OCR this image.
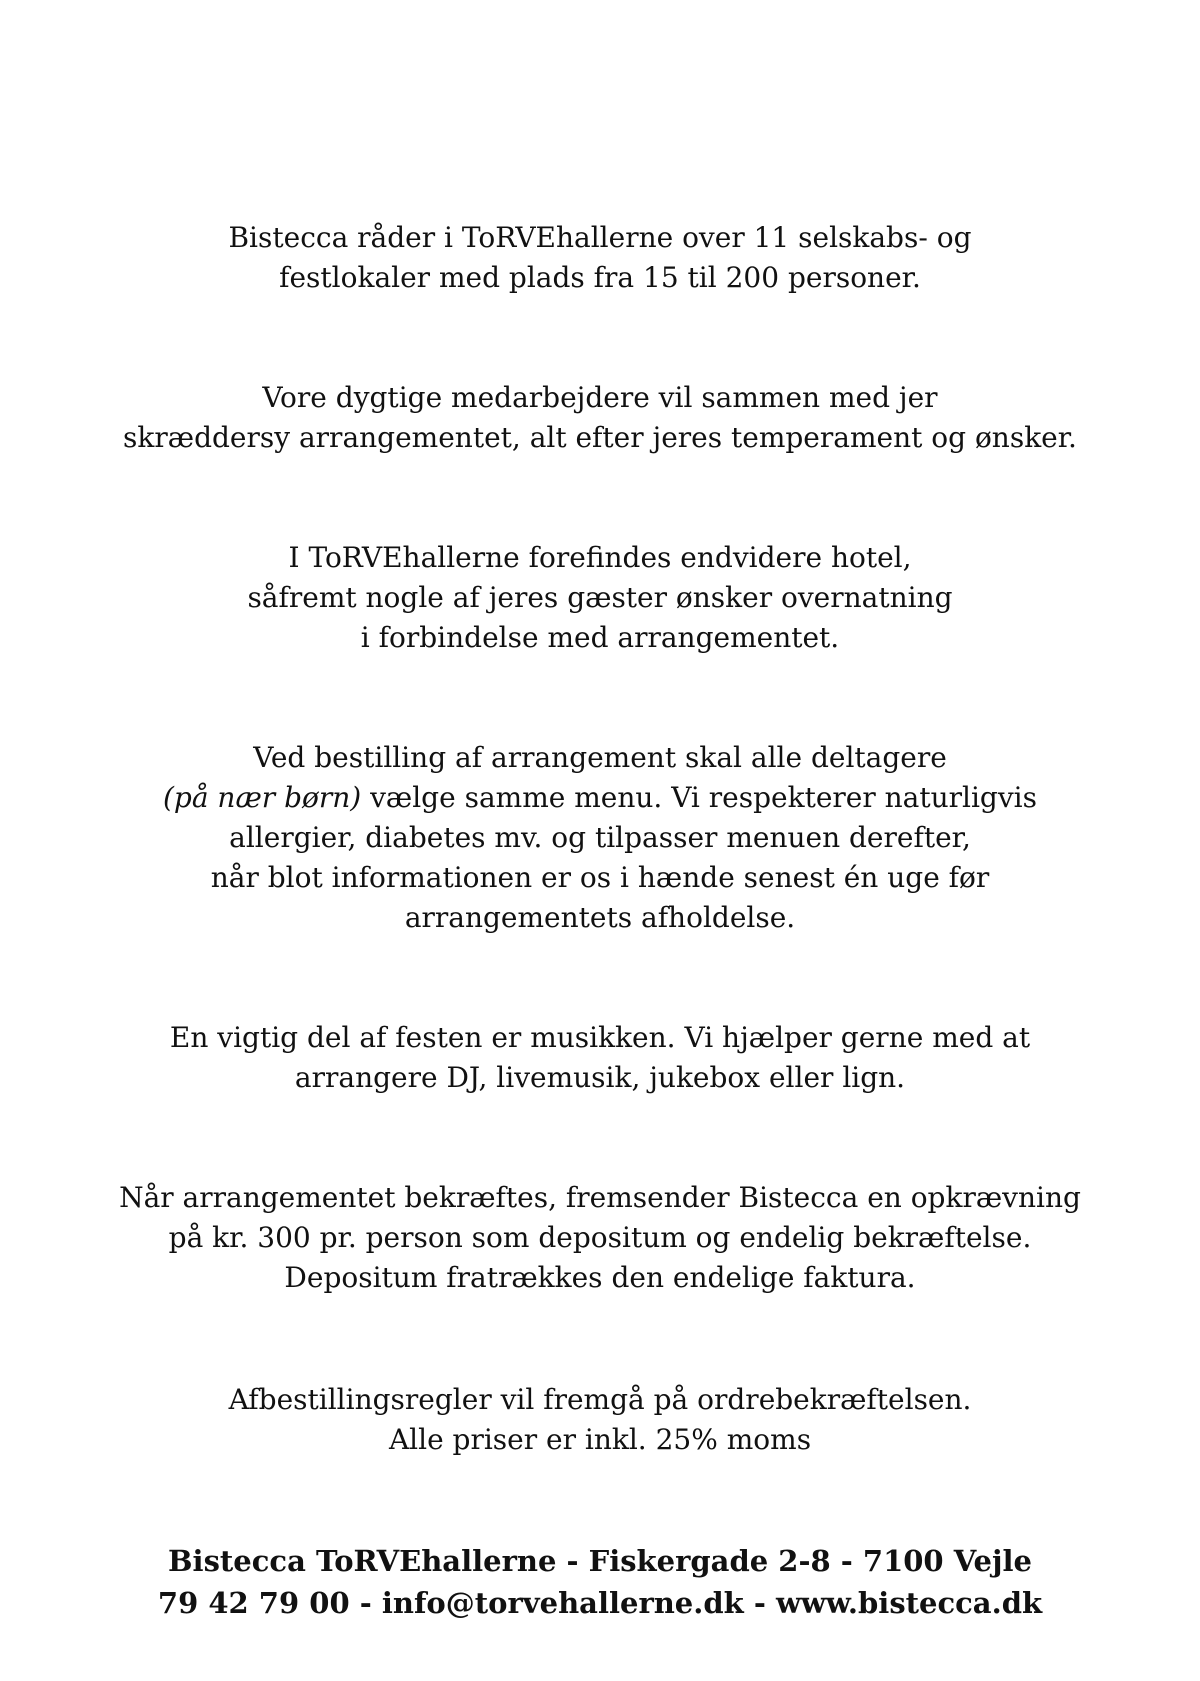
Bistecca råder i ToRVEhallerne over 11 selskabs- og
festlokaler med plads fra 15 til 200 personer.
Vore dygtige medarbejdere vil sammen med jer
skræddersy arrangementet, alt efter jeres temperament og ønsker.
I ToRVEhallerne forefindes endvidere hotel,
såfremt nogle af jeres gæster ønsker overnatning
i forbindelse med arrangementet.
Ved bestilling af arrangement skal alle deltagere
(på nær børn) vælge samme menu. Vi respekterer naturligvis
allergier, diabetes mv. og tilpasser menuen derefter,
når blot informationen er os i hænde senest én uge før
arrangementets afholdelse.
En vigtig del af festen er musikken. Vi hjælper gerne med at
arrangere DJ, livemusik, jukebox eller lign.
Når arrangementet bekræftes, fremsender Bistecca en opkrævning
på kr. 300 pr. person som depositum og endelig bekræftelse.
Depositum fratrækkes den endelige faktura.
Afbestillingsregler vil fremgå på ordrebekræftelsen.
Alle priser er inkl. 25% moms
Bistecca ToRVEhallerne - Fiskergade 2-8 - 7100 Vejle
79 42 79 00 - info@torvehallerne.dk - www.bistecca.dk
